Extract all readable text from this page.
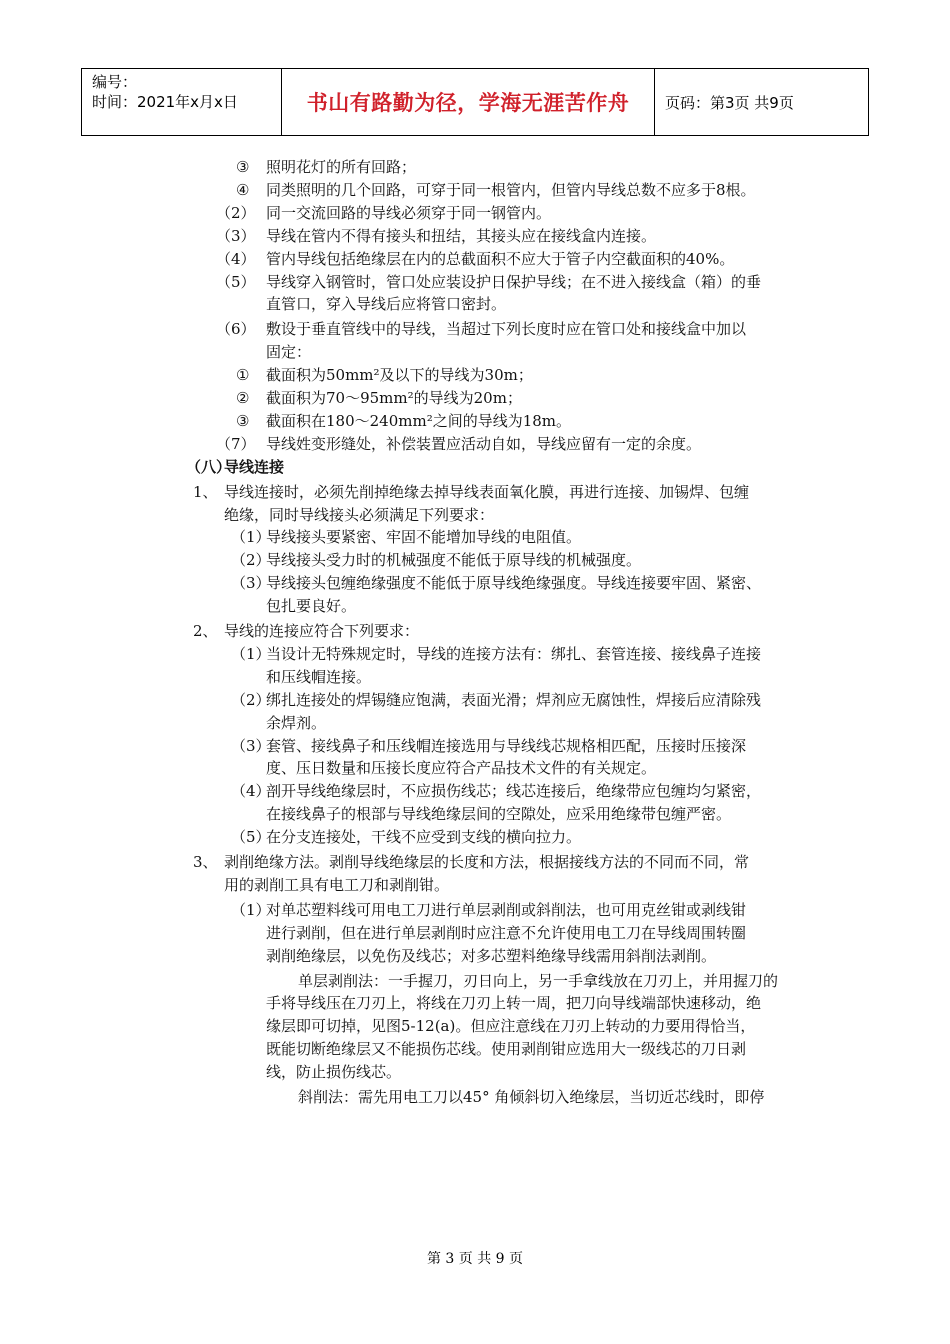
编号：
时间：2021年x月x日	书山有路勤为径，学海无涯苦作舟	页码：第3页 共9页
③ 照明花灯的所有回路；
④ 同类照明的几个回路，可穿于同一根管内，但管内导线总数不应多于8根。
（2） 同一交流回路的导线必须穿于同一钢管内。
（3） 导线在管内不得有接头和扭结，其接头应在接线盒内连接。
（4） 管内导线包括绝缘层在内的总截面积不应大于管子内空截面积的40%。
（5） 导线穿入钢管时，管口处应装设护日保护导线；在不进入接线盒（箱）的垂
直管口，穿入导线后应将管口密封。
（6） 敷设于垂直管线中的导线，当超过下列长度时应在管口处和接线盒中加以
固定：
① 截面积为50mm²及以下的导线为30m；
② 截面积为70～95mm²的导线为20m；
③ 截面积在180～240mm²之间的导线为18m。
（7） 导线姓变形缝处，补偿装置应活动自如，导线应留有一定的余度。
（八）
导线连接
1、 导线连接时，必须先削掉绝缘去掉导线表面氧化膜，再进行连接、加锡焊、包缠
绝缘，同时导线接头必须满足下列要求：
（1）
导线接头要紧密、牢固不能增加导线的电阻值。
（2）
导线接头受力时的机械强度不能低于原导线的机械强度。
（3）
导线接头包缠绝缘强度不能低于原导线绝缘强度。导线连接要牢固、紧密、
包扎要良好。
2、 导线的连接应符合下列要求：
（1）
当设计无特殊规定时，导线的连接方法有：绑扎、套管连接、接线鼻子连接
和压线帽连接。
（2）
绑扎连接处的焊锡缝应饱满，表面光滑；焊剂应无腐蚀性，焊接后应清除残
余焊剂。
（3）
套管、接线鼻子和压线帽连接选用与导线线芯规格相匹配，压接时压接深
度、压日数量和压接长度应符合产品技术文件的有关规定。
（4）
剖开导线绝缘层时，不应损伤线芯；线芯连接后，绝缘带应包缠均匀紧密，
在接线鼻子的根部与导线绝缘层间的空隙处，应采用绝缘带包缠严密。
（5）
在分支连接处，干线不应受到支线的横向拉力。
3、 剥削绝缘方法。剥削导线绝缘层的长度和方法，根据接线方法的不同而不同，常
用的剥削工具有电工刀和剥削钳。
（1）
对单芯塑料线可用电工刀进行单层剥削或斜削法，也可用克丝钳或剥线钳
进行剥削，但在进行单层剥削时应注意不允许使用电工刀在导线周围转圈
剥削绝缘层，以免伤及线芯；对多芯塑料绝缘导线需用斜削法剥削。
单层剥削法：一手握刀，刃日向上，另一手拿线放在刀刃上，并用握刀的
手将导线压在刀刃上，将线在刀刃上转一周，把刀向导线端部快速移动，绝
缘层即可切掉，见图5-12(a)。但应注意线在刀刃上转动的力要用得恰当，
既能切断绝缘层又不能损伤芯线。使用剥削钳应选用大一级线芯的刀日剥
线，防止损伤线芯。
斜削法：需先用电工刀以45° 角倾斜切入绝缘层，当切近芯线时，即停
第 3 页 共 9 页
